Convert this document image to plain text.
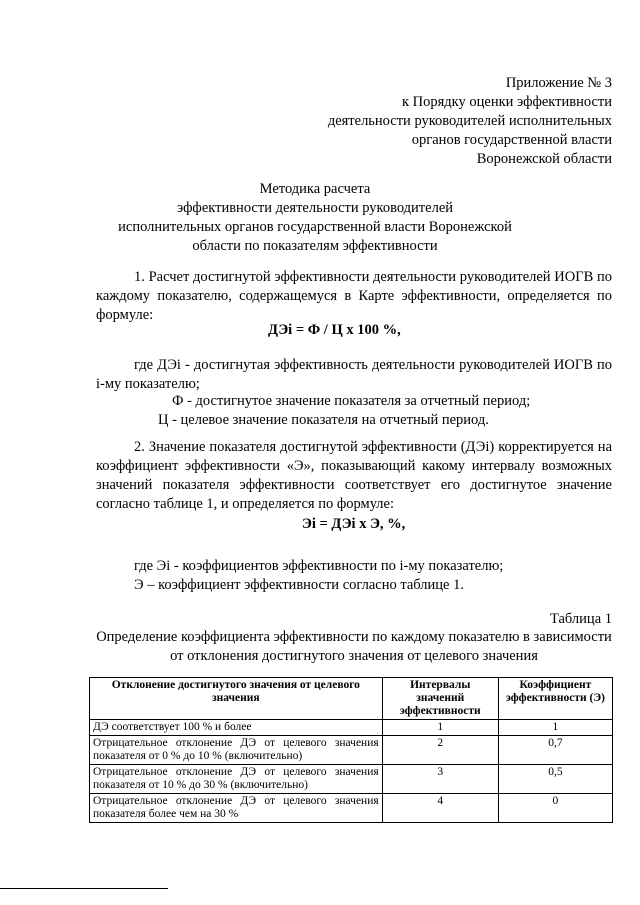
Приложение № 3
к Порядку оценки эффективности
деятельности руководителей исполнительных
органов государственной власти
Воронежской области
Методика расчета
эффективности деятельности руководителей
исполнительных органов государственной власти Воронежской
области по показателям эффективности
1. Расчет достигнутой эффективности деятельности руководителей ИОГВ по каждому показателю, содержащемуся в Карте эффективности, определяется по формуле:
ДЭi = Ф / Ц х 100 %,
где ДЭi - достигнутая эффективность деятельности руководителей ИОГВ по i-му показателю;
Ф - достигнутое значение показателя за отчетный период;
Ц - целевое значение показателя на отчетный период.
2. Значение показателя достигнутой эффективности (ДЭi) корректируется на коэффициент эффективности «Э», показывающий какому интервалу возможных значений показателя эффективности соответствует его достигнутое значение согласно таблице 1, и определяется по формуле:
Эi = ДЭi х Э, %,
где Эi - коэффициентов эффективности по i-му показателю;
Э – коэффициент эффективности согласно таблице 1.
Таблица 1
Определение коэффициента эффективности по каждому показателю в зависимости от отклонения достигнутого значения от целевого значения
Отклонение достигнутого значения от целевого значения	Интервалы значений эффективности	Коэффициент эффективности (Э)
ДЭ соответствует 100 % и более	1	1
Отрицательное отклонение ДЭ от целевого значения показателя от 0 % до 10 % (включительно)	2	0,7
Отрицательное отклонение ДЭ от целевого значения показателя от 10 % до 30 % (включительно)	3	0,5
Отрицательное отклонение ДЭ от целевого значения показателя более чем на 30 %	4	0
